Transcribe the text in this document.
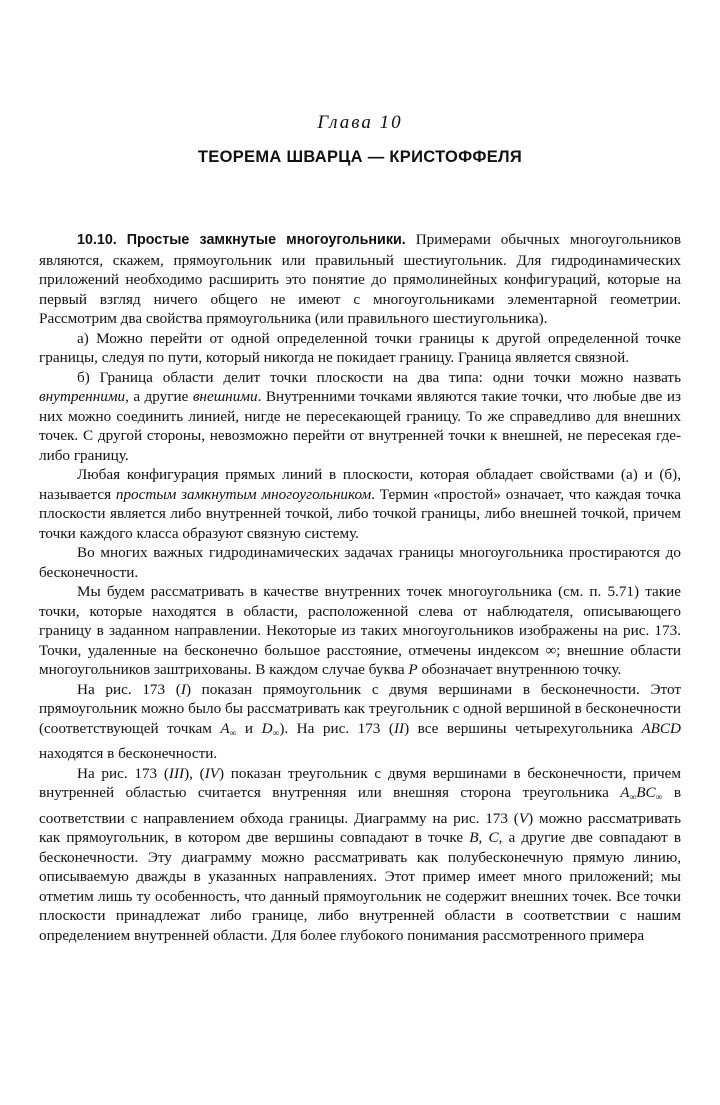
Глава 10
ТЕОРЕМА ШВАРЦА — КРИСТОФФЕЛЯ

10.10. Простые замкнутые многоугольники. Примерами обычных многоугольников являются, скажем, прямоугольник или правильный шестиугольник. Для гидродинамических приложений необходимо расширить это понятие до прямолинейных конфигураций, которые на первый взгляд ничего общего не имеют с многоугольниками элементарной геометрии. Рассмотрим два свойства прямоугольника (или правильного шестиугольника).

а) Можно перейти от одной определенной точки границы к другой определенной точке границы, следуя по пути, который никогда не покидает границу. Граница является связной.

б) Граница области делит точки плоскости на два типа: одни точки можно назвать внутренними, а другие внешними. Внутренними точками являются такие точки, что любые две из них можно соединить линией, нигде не пересекающей границу. То же справедливо для внешних точек. С другой стороны, невозможно перейти от внутренней точки к внешней, не пересекая где-либо границу.

Любая конфигурация прямых линий в плоскости, которая обладает свойствами (а) и (б), называется простым замкнутым многоугольником. Термин «простой» означает, что каждая точка плоскости является либо внутренней точкой, либо точкой границы, либо внешней точкой, причем точки каждого класса образуют связную систему.

Во многих важных гидродинамических задачах границы многоугольника простираются до бесконечности.

Мы будем рассматривать в качестве внутренних точек многоугольника (см. п. 5.71) такие точки, которые находятся в области, расположенной слева от наблюдателя, описывающего границу в заданном направлении. Некоторые из таких многоугольников изображены на рис. 173. Точки, удаленные на бесконечно большое расстояние, отмечены индексом ∞; внешние области многоугольников заштрихованы. В каждом случае буква P обозначает внутреннюю точку.

На рис. 173 (I) показан прямоугольник с двумя вершинами в бесконечности. Этот прямоугольник можно было бы рассматривать как треугольник с одной вершиной в бесконечности (соответствующей точкам $A_\infty$ и $D_\infty$). На рис. 173 (II) все вершины четырехугольника ABCD находятся в бесконечности.

На рис. 173 (III), (IV) показан треугольник с двумя вершинами в бесконечности, причем внутренней областью считается внутренняя или внешняя сторона треугольника $A_\infty BC_\infty$ в соответствии с направлением обхода границы. Диаграмму на рис. 173 (V) можно рассматривать как прямоугольник, в котором две вершины совпадают в точке B, C, а другие две совпадают в бесконечности. Эту диаграмму можно рассматривать как полубесконечную прямую линию, описываемую дважды в указанных направлениях. Этот пример имеет много приложений; мы отметим лишь ту особенность, что данный прямоугольник не содержит внешних точек. Все точки плоскости принадлежат либо границе, либо внутренней области в соответствии с нашим определением внутренней области. Для более глубокого понимания рассмотренного примера
